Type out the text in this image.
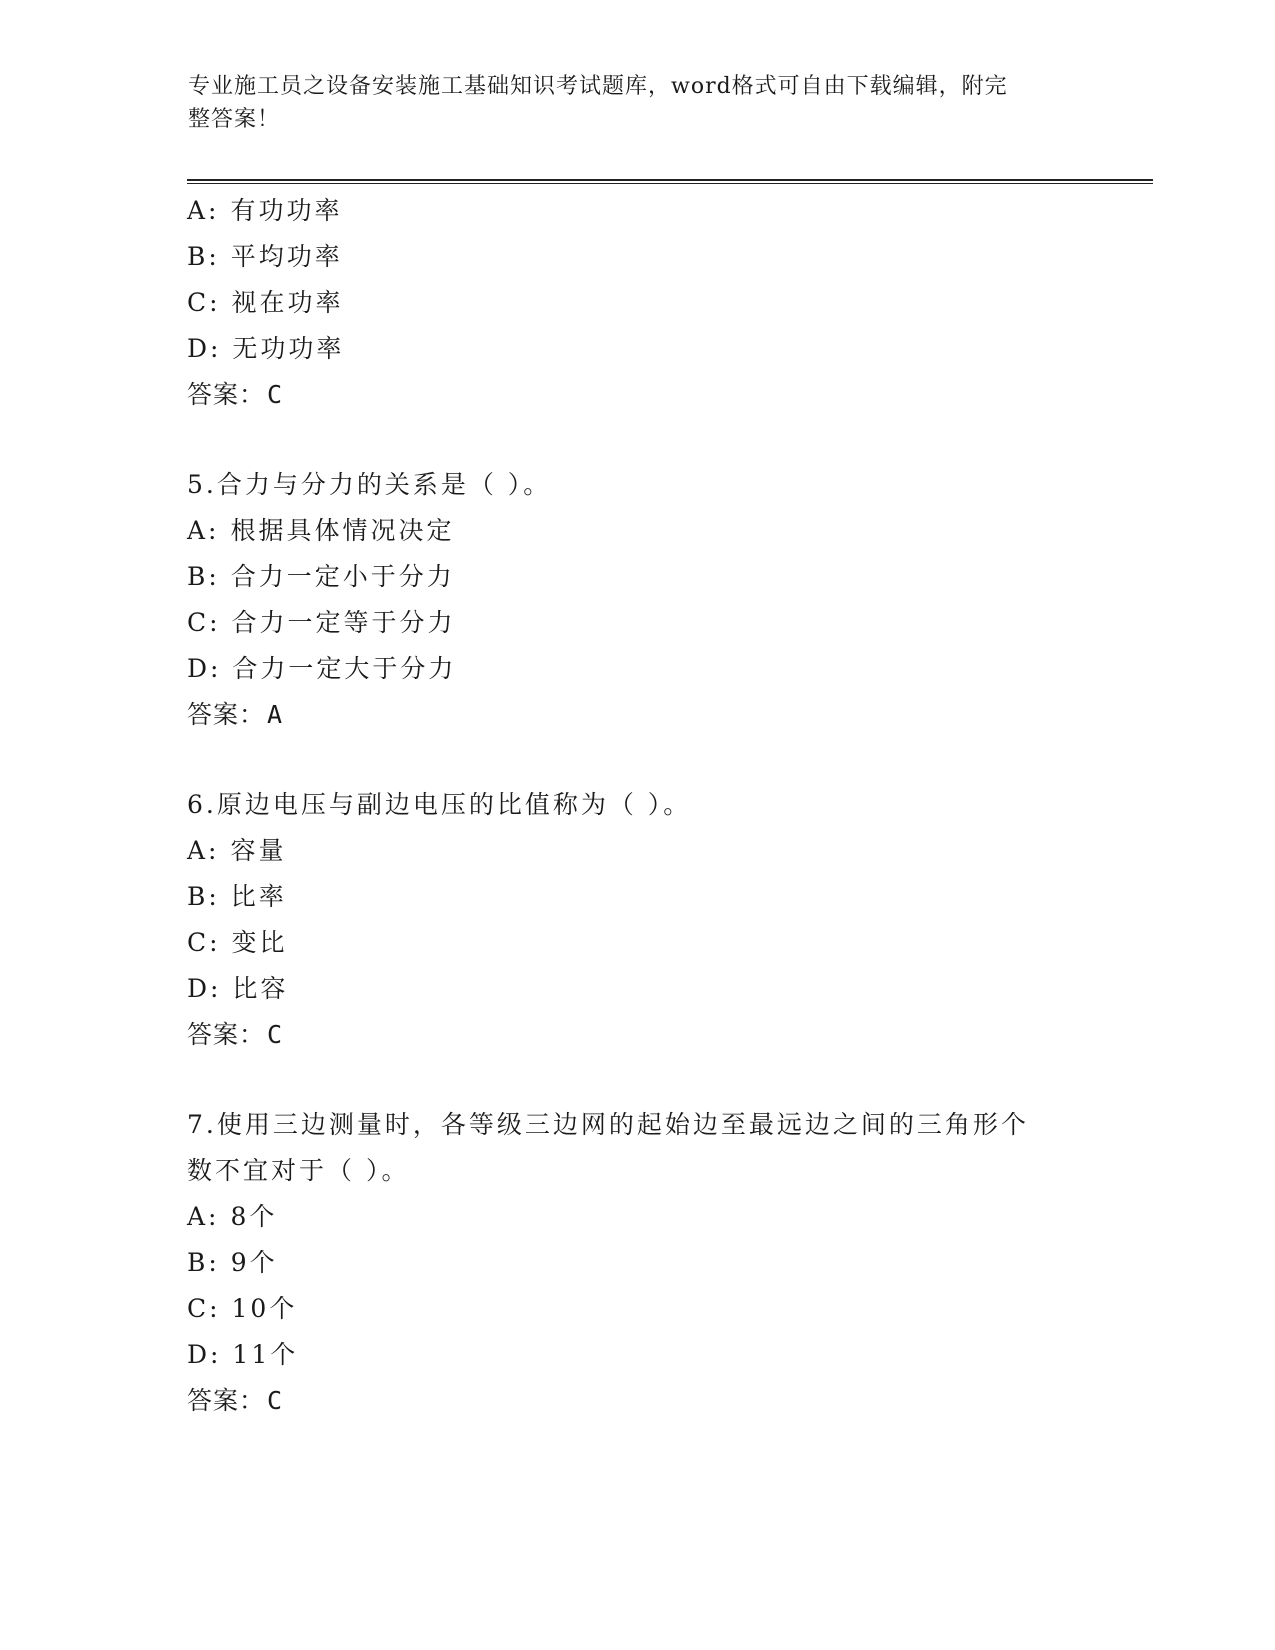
专业施工员之设备安装施工基础知识考试题库，word格式可自由下载编辑，附完
整答案！
A: 有功功率
B: 平均功率
C: 视在功率
D: 无功功率
答案：C
5.合力与分力的关系是（ ）。
A: 根据具体情况决定
B: 合力一定小于分力
C: 合力一定等于分力
D: 合力一定大于分力
答案：A
6.原边电压与副边电压的比值称为（ ）。
A: 容量
B: 比率
C: 变比
D: 比容
答案：C
7.使用三边测量时，各等级三边网的起始边至最远边之间的三角形个
数不宜对于（ ）。
A: 8个
B: 9个
C: 10个
D: 11个
答案：C
